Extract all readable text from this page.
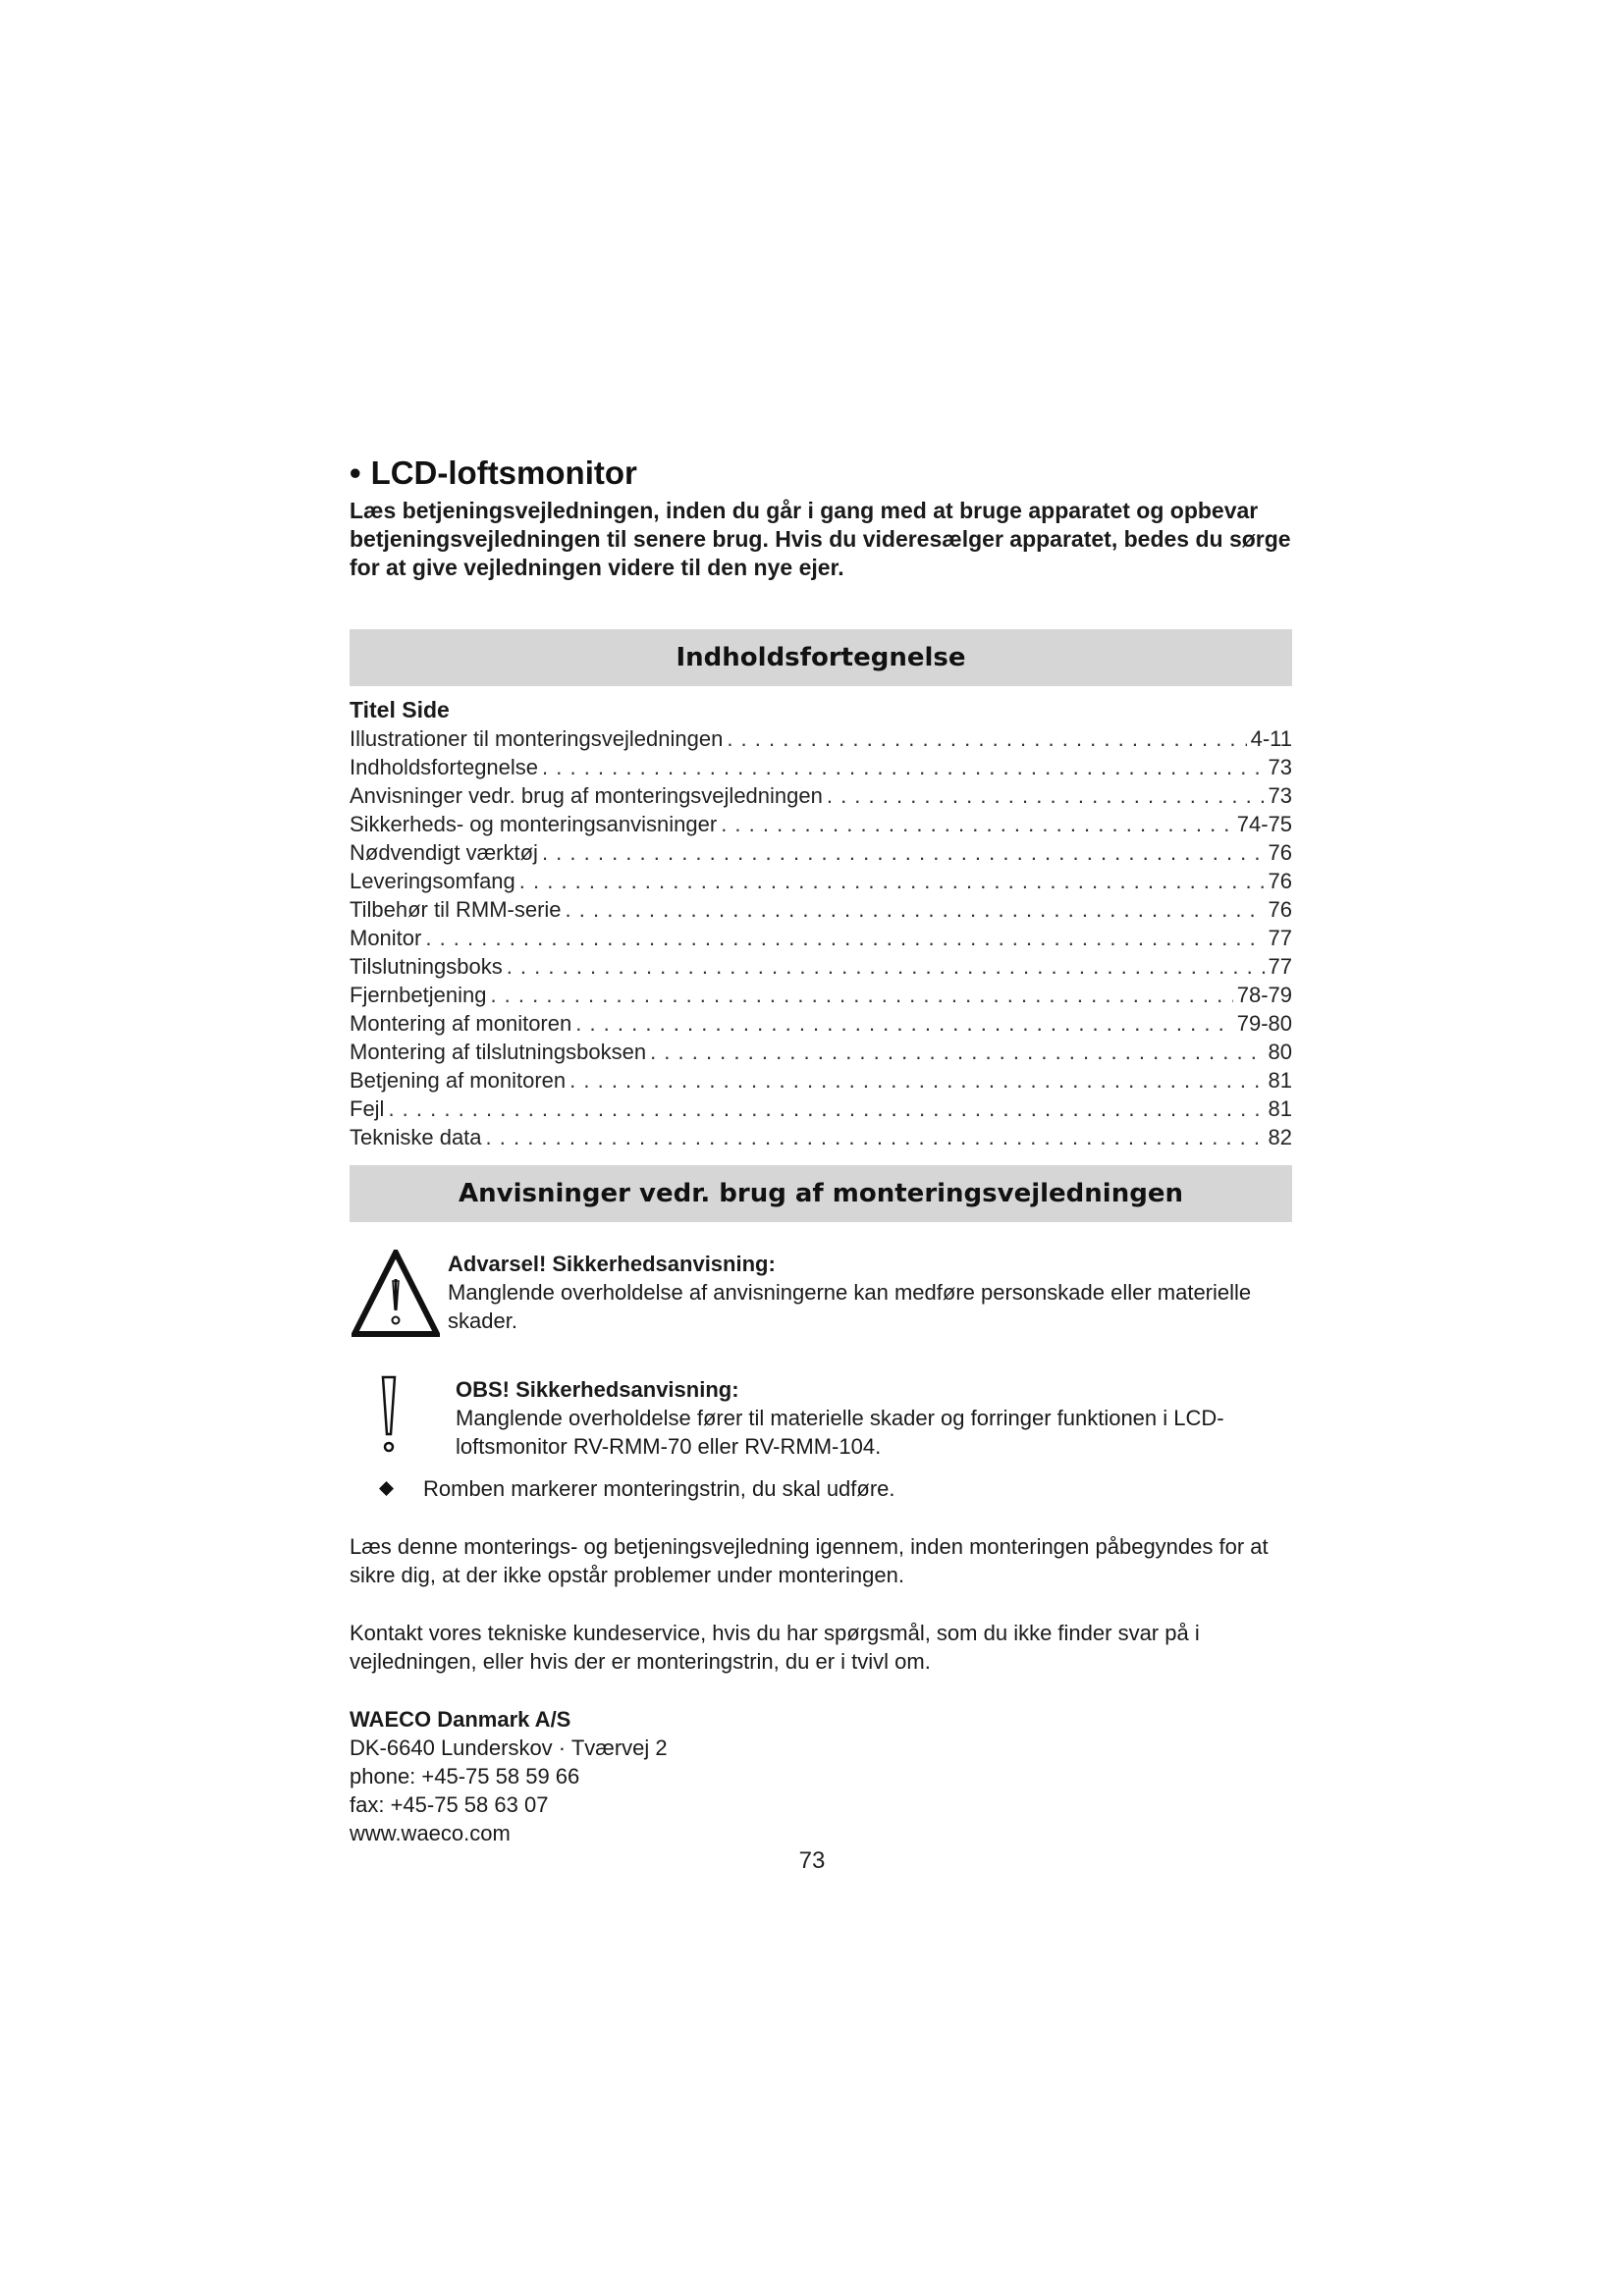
• LCD-loftsmonitor

Læs betjeningsvejledningen, inden du går i gang med at bruge apparatet og opbevar betjeningsvejledningen til senere brug. Hvis du videresælger apparatet, bedes du sørge for at give vejledningen videre til den nye ejer.

Indholdsfortegnelse
Titel Side
Illustrationer til monteringsvejledningen . . .	4-11
Indholdsfortegnelse . . .	73
Anvisninger vedr. brug af monteringsvejledningen . . .	73
Sikkerheds- og monteringsanvisninger . . .	74-75
Nødvendigt værktøj . . .	76
Leveringsomfang . . .	76
Tilbehør til RMM-serie . . .	76
Monitor . . .	77
Tilslutningsboks . . .	77
Fjernbetjening . . .	78-79
Montering af monitoren . . .	79-80
Montering af tilslutningsboksen . . .	80
Betjening af monitoren . . .	81
Fejl . . .	81
Tekniske data . . .	82
Anvisninger vedr. brug af monteringsvejledningen
Advarsel! Sikkerhedsanvisning:
Manglende overholdelse af anvisningerne kan medføre personskade eller materielle skader.
OBS! Sikkerhedsanvisning:
Manglende overholdelse fører til materielle skader og forringer funktionen i LCD-loftsmonitor RV-RMM-70 eller RV-RMM-104.
Romben markerer monteringstrin, du skal udføre.

Læs denne monterings- og betjeningsvejledning igennem, inden monteringen påbegyndes for at sikre dig, at der ikke opstår problemer under monteringen.

Kontakt vores tekniske kundeservice, hvis du har spørgsmål, som du ikke finder svar på i vejledningen, eller hvis der er monteringstrin, du er i tvivl om.

WAECO Danmark A/S
DK-6640 Lunderskov · Tværvej 2
phone: +45-75 58 59 66
fax: +45-75 58 63 07
www.waeco.com
73
